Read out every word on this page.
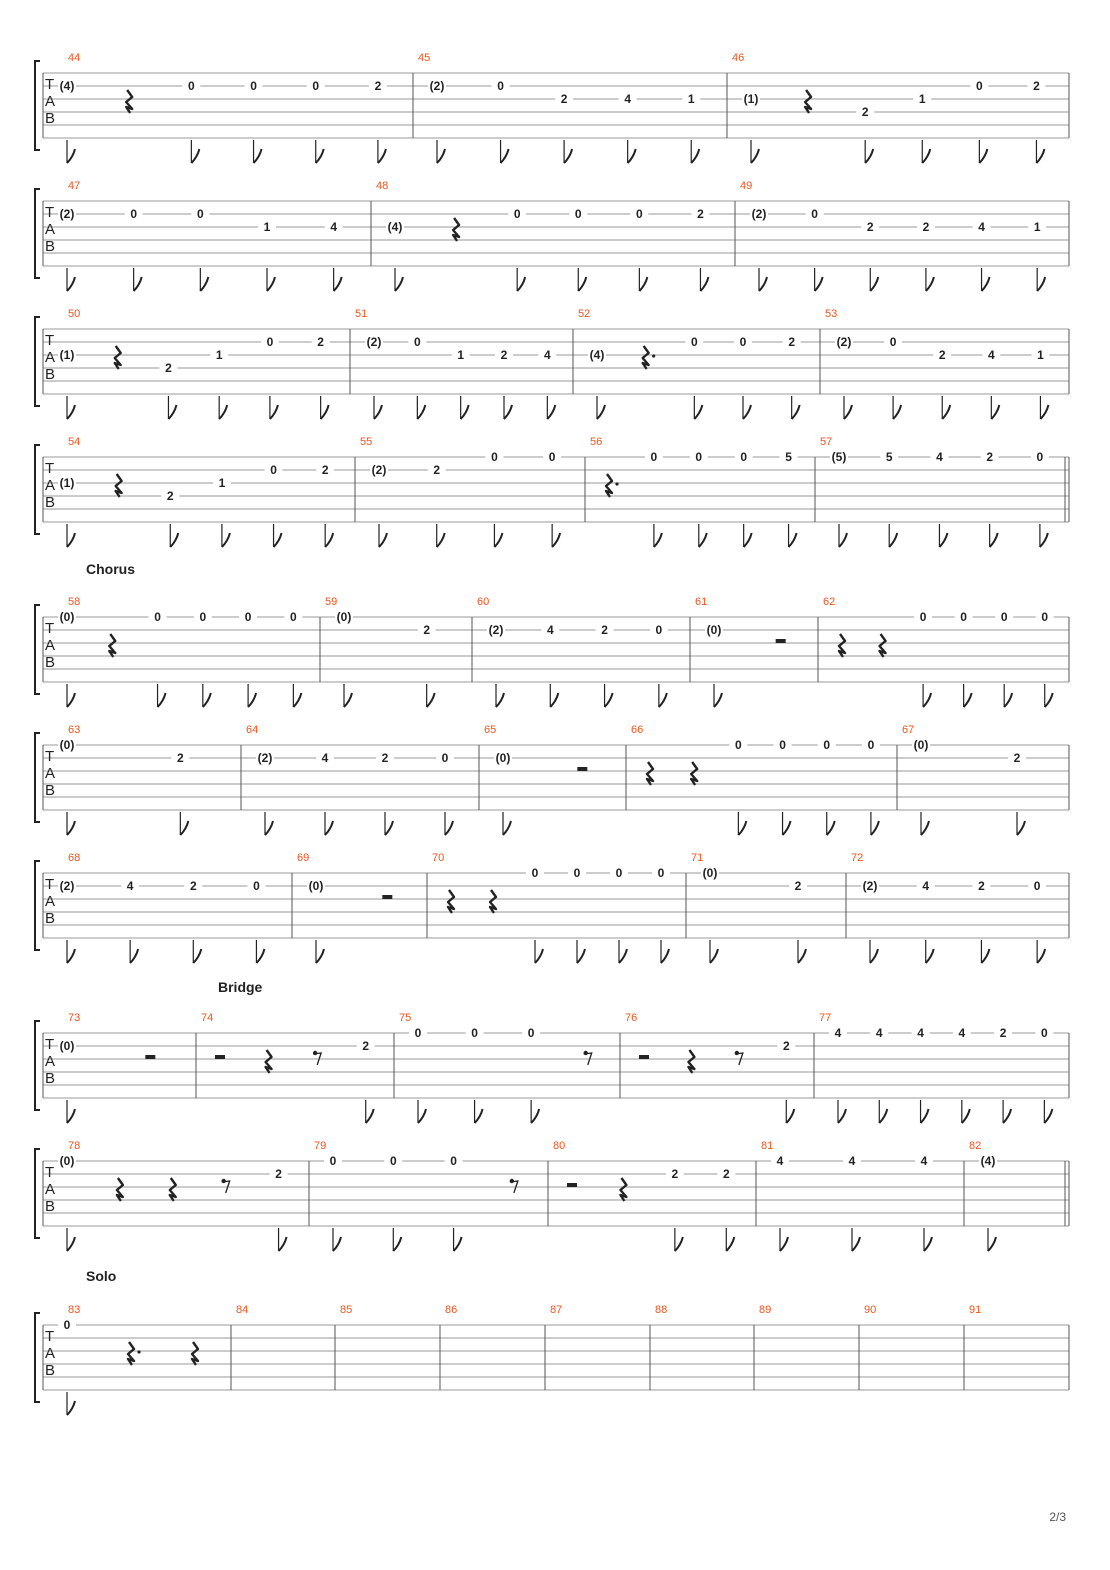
T
A
B
44
(4)	0	0	0	2
45
(2)	0
2	4	1
46
(1)
2
1
0	2
T
A
B
47
(2)	0	0
1	4
48
(4)
0	0	0	2
49
(2)	0
2	2	4	1
T
A
B
50
(1)
2
1
0	2
51
(2)	0
1	2	4
52
(4)
0	0	2
53
(2)	0
2	4	1
T
A
B
54
(1)
2
1
0	2
55
(2)	2
0	0
56
0	0	0	5
57
(5)	5	4	2	0
T
A
B
58
(0)	0	0	0	0
59
(0)
2
60
(2)	4	2	0
61
(0)
62
0	0	0	0
T
A
B
63
(0)
2
64
(2)	4	2	0
65
(0)
66
0	0	0	0
67
(0)
2
T
A
B
68
(2)	4	2	0
69
(0)
70
0	0	0	0
71
(0)
2
72
(2)	4	2	0
T
A
B
73
(0)
74
2
75
0	0	0
76
2
77
4	4	4	4	2	0
T
A
B
78
(0)
2
79
0	0	0
80
2	2
81
4	4	4
82
(4)
T
A
B
83
0
84	85	86	87	88	89	90	91
Chorus
Bridge
Solo
2/3
